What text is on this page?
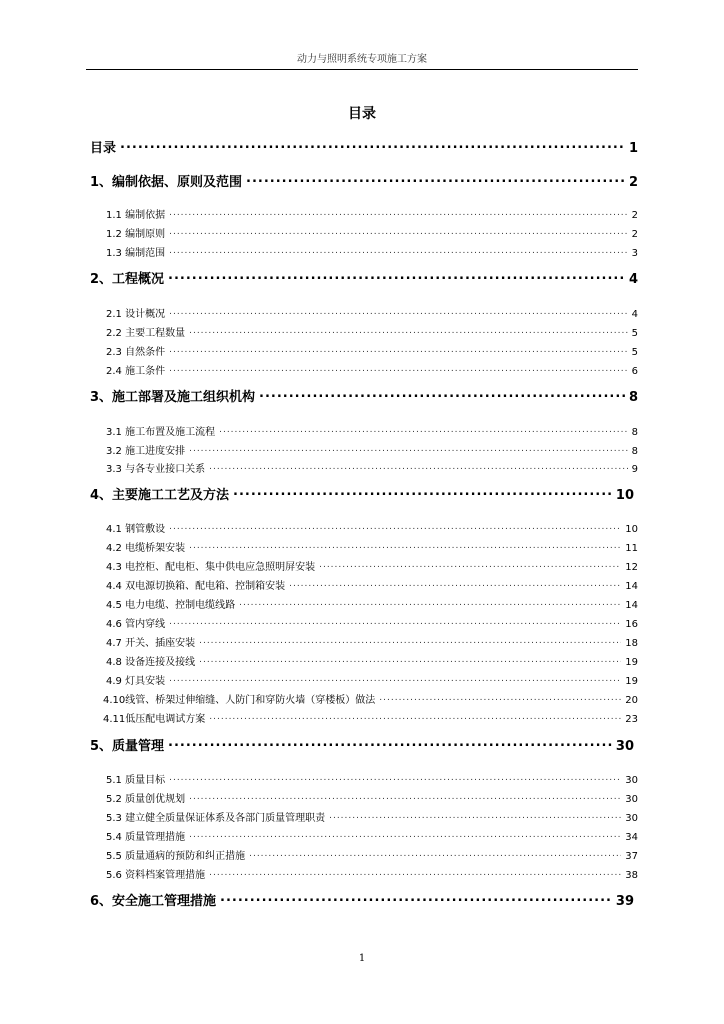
动力与照明系统专项施工方案
目录
目录 .....	1
1、编制依据、原则及范围 .....	2
1.1 编制依据 .....	2
1.2 编制原则 .....	2
1.3 编制范围 .....	3
2、工程概况 .....	4
2.1 设计概况 .....	4
2.2 主要工程数量 .....	5
2.3 自然条件 .....	5
2.4 施工条件 .....	6
3、施工部署及施工组织机构 .....	8
3.1 施工布置及施工流程 .....	8
3.2 施工进度安排 .....	8
3.3 与各专业接口关系 .....	9
4、主要施工工艺及方法 .....	10
4.1 钢管敷设 .....	10
4.2 电缆桥架安装 .....	11
4.3 电控柜、配电柜、集中供电应急照明屏安装 .....	12
4.4 双电源切换箱、配电箱、控制箱安装 .....	14
4.5 电力电缆、控制电缆线路 .....	14
4.6 管内穿线 .....	16
4.7 开关、插座安装 .....	18
4.8 设备连接及接线 .....	19
4.9 灯具安装 .....	19
4.10线管、桥架过伸缩缝、人防门和穿防火墙（穿楼板）做法 .....	20
4.11低压配电调试方案 .....	23
5、质量管理 .....	30
5.1 质量目标 .....	30
5.2 质量创优规划 .....	30
5.3 建立健全质量保证体系及各部门质量管理职责 .....	30
5.4 质量管理措施 .....	34
5.5 质量通病的预防和纠正措施 .....	37
5.6 资料档案管理措施 .....	38
6、安全施工管理措施 .....	39
1
